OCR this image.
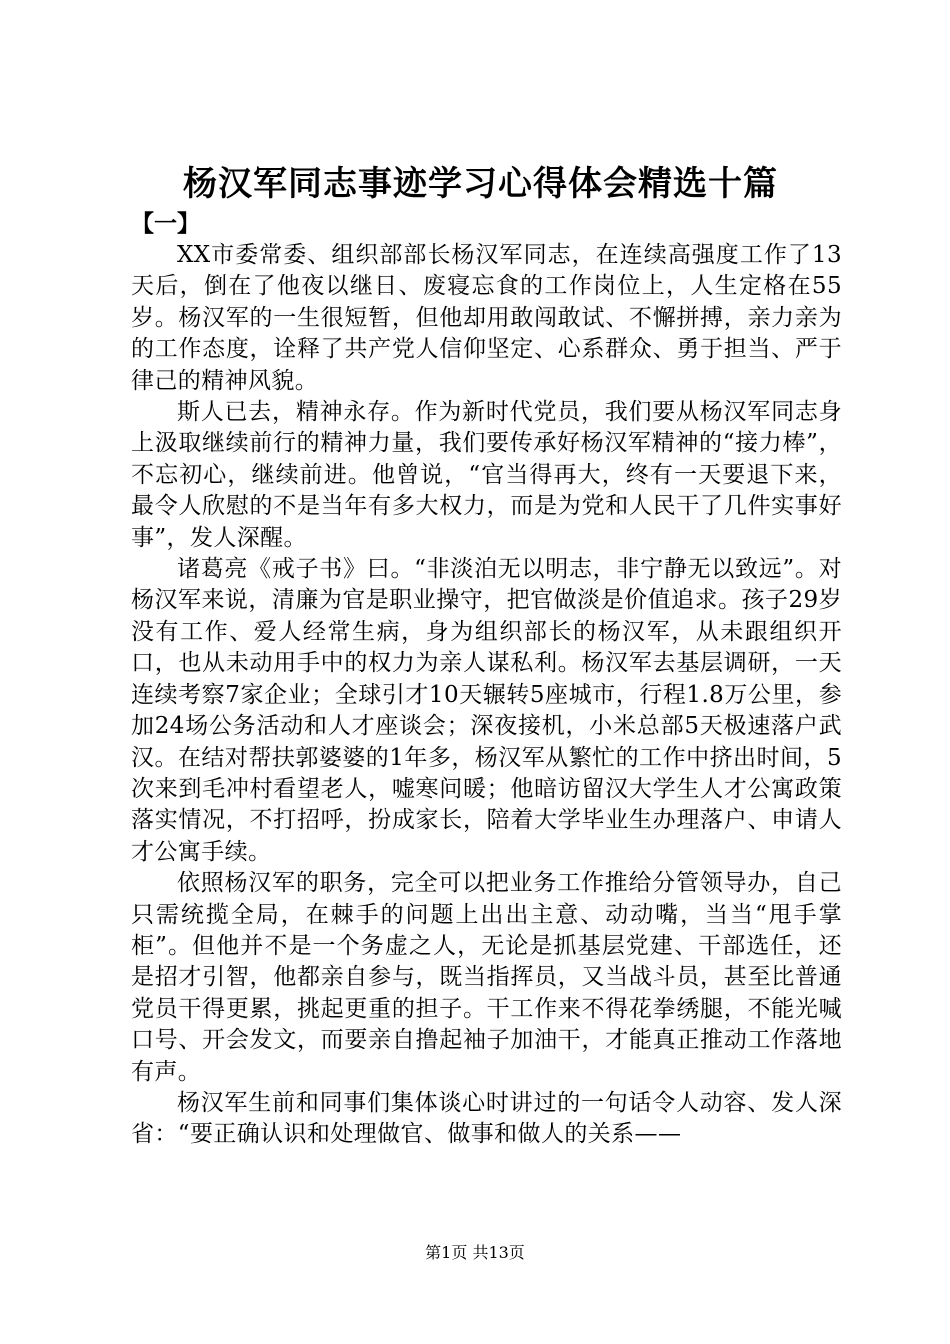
杨汉军同志事迹学习心得体会精选十篇
【一】

XX市委常委、组织部部长杨汉军同志，在连续高强度工作了13天后，倒在了他夜以继日、废寝忘食的工作岗位上，人生定格在55岁。杨汉军的一生很短暂，但他却用敢闯敢试、不懈拼搏，亲力亲为的工作态度，诠释了共产党人信仰坚定、心系群众、勇于担当、严于律己的精神风貌。

斯人已去，精神永存。作为新时代党员，我们要从杨汉军同志身上汲取继续前行的精神力量，我们要传承好杨汉军精神的“接力棒”，不忘初心，继续前进。他曾说，“官当得再大，终有一天要退下来，最令人欣慰的不是当年有多大权力，而是为党和人民干了几件实事好事”，发人深醒。

诸葛亮《戒子书》曰。“非淡泊无以明志，非宁静无以致远”。对杨汉军来说，清廉为官是职业操守，把官做淡是价值追求。孩子29岁没有工作、爱人经常生病，身为组织部长的杨汉军，从未跟组织开口，也从未动用手中的权力为亲人谋私利。杨汉军去基层调研，一天连续考察7家企业；全球引才10天辗转5座城市，行程1.8万公里，参加24场公务活动和人才座谈会；深夜接机，小米总部5天极速落户武汉。在结对帮扶郭婆婆的1年多，杨汉军从繁忙的工作中挤出时间，5次来到毛冲村看望老人，嘘寒问暖；他暗访留汉大学生人才公寓政策落实情况，不打招呼，扮成家长，陪着大学毕业生办理落户、申请人才公寓手续。

依照杨汉军的职务，完全可以把业务工作推给分管领导办，自己只需统揽全局，在棘手的问题上出出主意、动动嘴，当当“甩手掌柜”。但他并不是一个务虚之人，无论是抓基层党建、干部选任，还是招才引智，他都亲自参与，既当指挥员，又当战斗员，甚至比普通党员干得更累，挑起更重的担子。干工作来不得花拳绣腿，不能光喊口号、开会发文，而要亲自撸起袖子加油干，才能真正推动工作落地有声。

杨汉军生前和同事们集体谈心时讲过的一句话令人动容、发人深省：“要正确认识和处理做官、做事和做人的关系——

第1页 共13页
